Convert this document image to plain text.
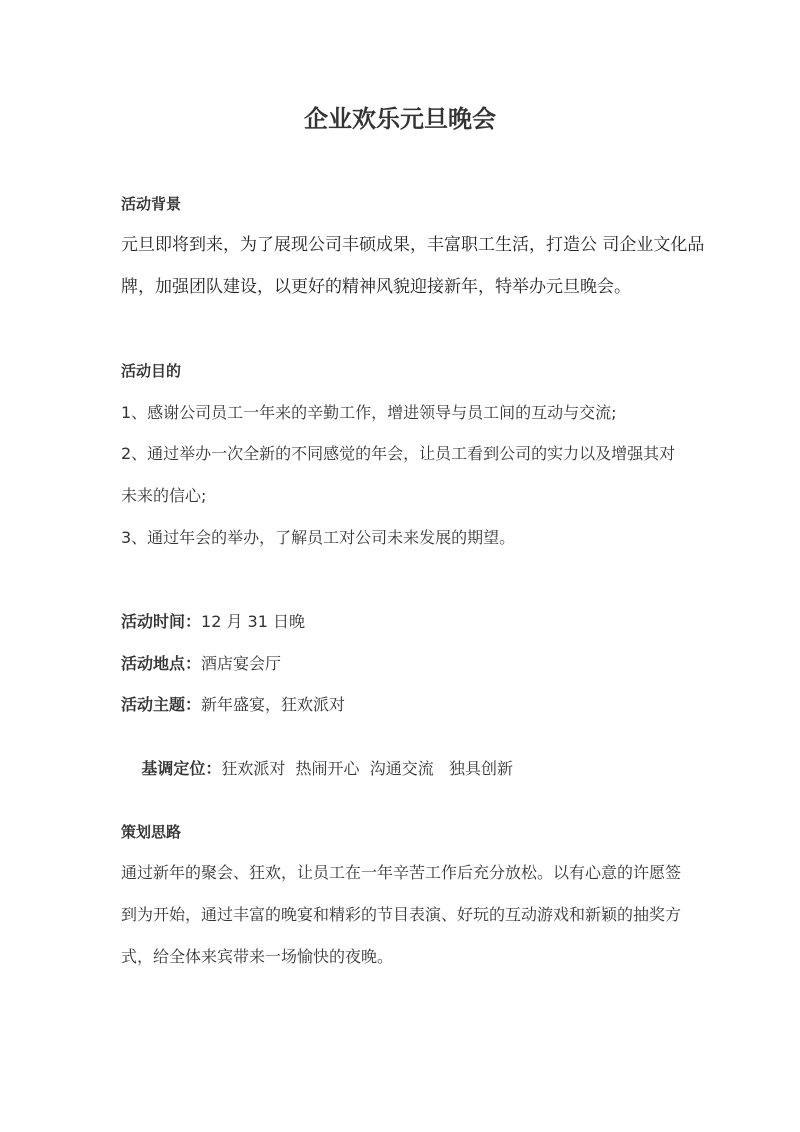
企业欢乐元旦晚会
活动背景
元旦即将到来，为了展现公司丰硕成果，丰富职工生活，打造公 司企业文化品
牌，加强团队建设，以更好的精神风貌迎接新年，特举办元旦晚会。
活动目的
1、感谢公司员工一年来的辛勤工作，增进领导与员工间的互动与交流;
2、通过举办一次全新的不同感觉的年会，让员工看到公司的实力以及增强其对
未来的信心;
3、通过年会的举办，了解员工对公司未来发展的期望。
活动时间：12 月 31 日晚
活动地点：酒店宴会厅
活动主题：新年盛宴，狂欢派对

基调定位：狂欢派对  热闹开心  沟通交流   独具创新

策划思路
通过新年的聚会、狂欢，让员工在一年辛苦工作后充分放松。以有心意的许愿签
到为开始，通过丰富的晚宴和精彩的节目表演、好玩的互动游戏和新颖的抽奖方
式，给全体来宾带来一场愉快的夜晚。
